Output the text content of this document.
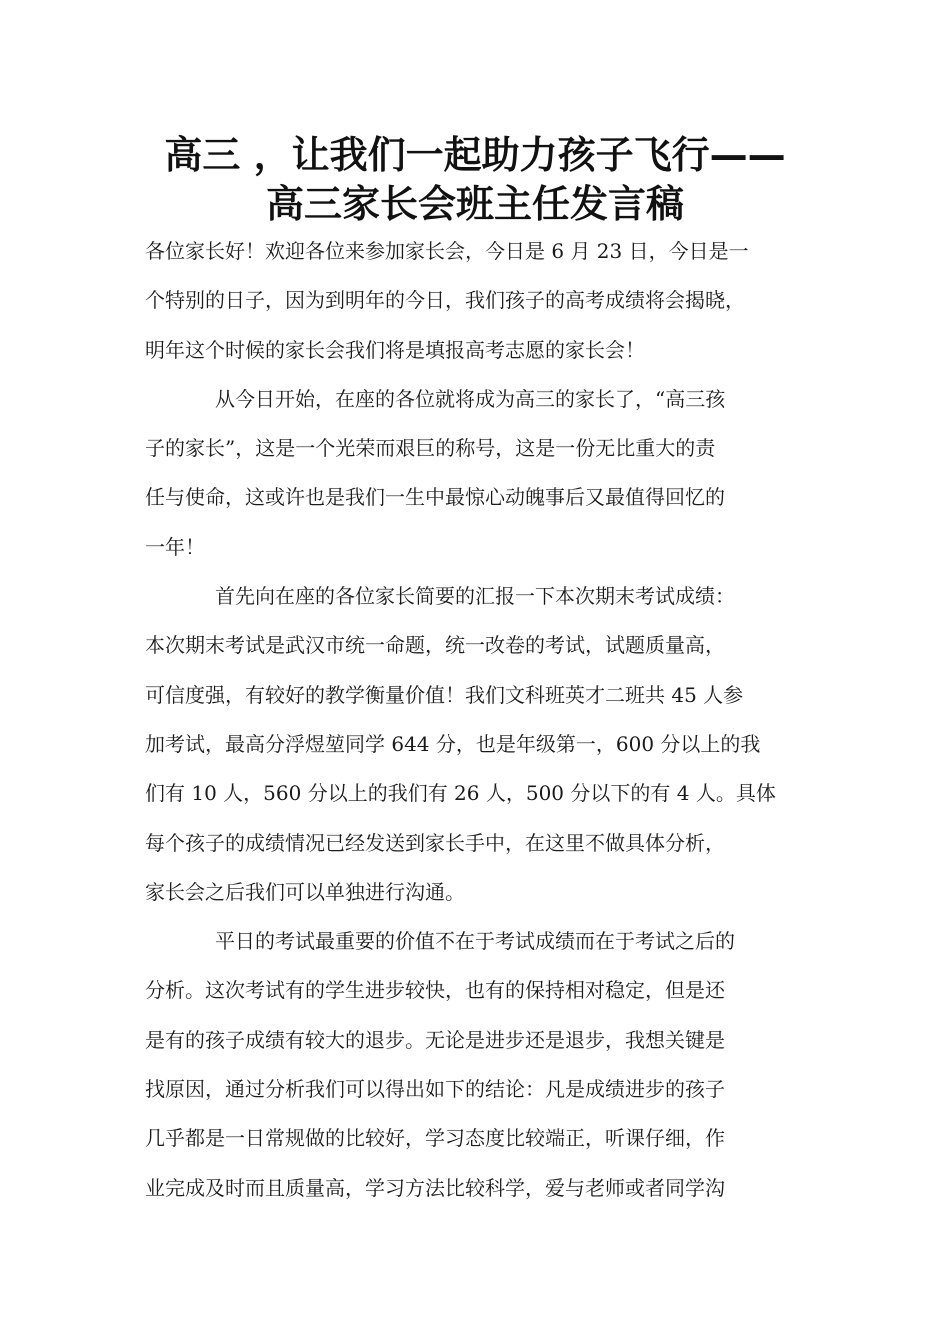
高三 ，让我们一起助力孩子飞行——
高三家长会班主任发言稿
各位家长好！欢迎各位来参加家长会，今日是 6 月 23 日，今日是一
个特别的日子，因为到明年的今日，我们孩子的高考成绩将会揭晓，
明年这个时候的家长会我们将是填报高考志愿的家长会！
从今日开始，在座的各位就将成为高三的家长了，“高三孩
子的家长”，这是一个光荣而艰巨的称号，这是一份无比重大的责
任与使命，这或许也是我们一生中最惊心动魄事后又最值得回忆的
一年！
首先向在座的各位家长简要的汇报一下本次期末考试成绩：
本次期末考试是武汉市统一命题，统一改卷的考试，试题质量高，
可信度强，有较好的教学衡量价值！我们文科班英才二班共 45 人参
加考试，最高分浮煜堃同学 644 分，也是年级第一，600 分以上的我
们有 10 人，560 分以上的我们有 26 人，500 分以下的有 4 人。具体
每个孩子的成绩情况已经发送到家长手中，在这里不做具体分析，
家长会之后我们可以单独进行沟通。
平日的考试最重要的价值不在于考试成绩而在于考试之后的
分析。这次考试有的学生进步较快，也有的保持相对稳定，但是还
是有的孩子成绩有较大的退步。无论是进步还是退步，我想关键是
找原因，通过分析我们可以得出如下的结论：凡是成绩进步的孩子
几乎都是一日常规做的比较好，学习态度比较端正，听课仔细，作
业完成及时而且质量高，学习方法比较科学，爱与老师或者同学沟
